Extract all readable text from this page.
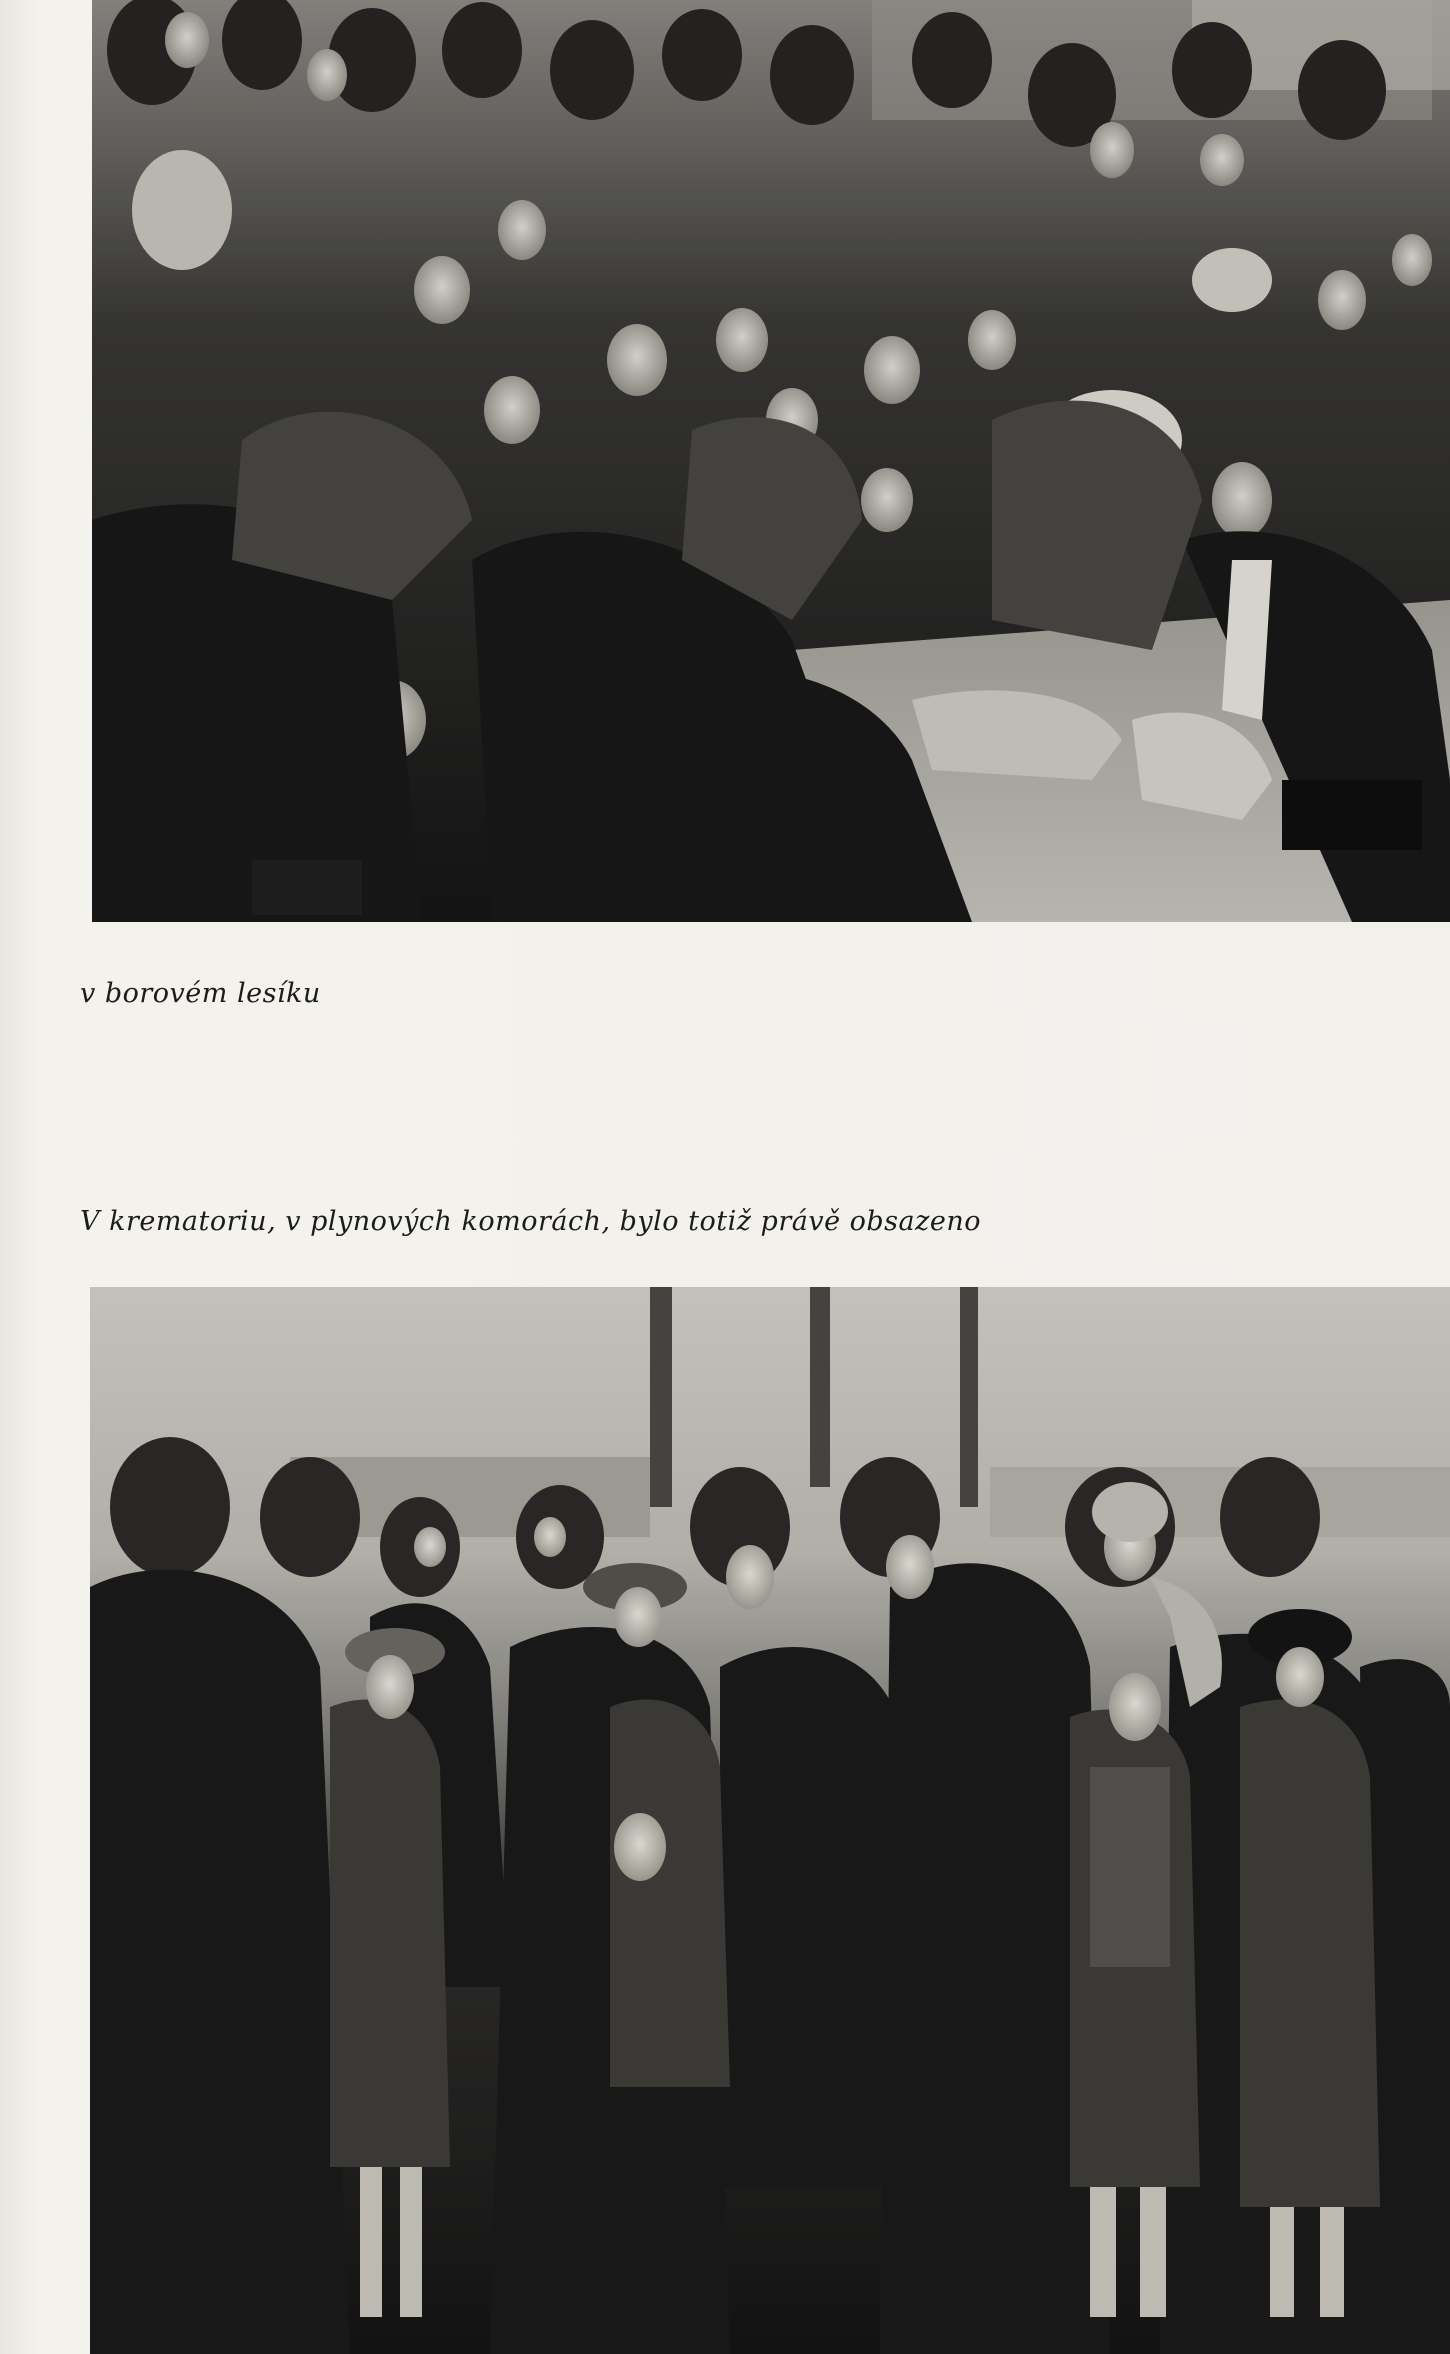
v borovém lesíku
V krematoriu, v plynových komorách, bylo totiž právě obsazeno
